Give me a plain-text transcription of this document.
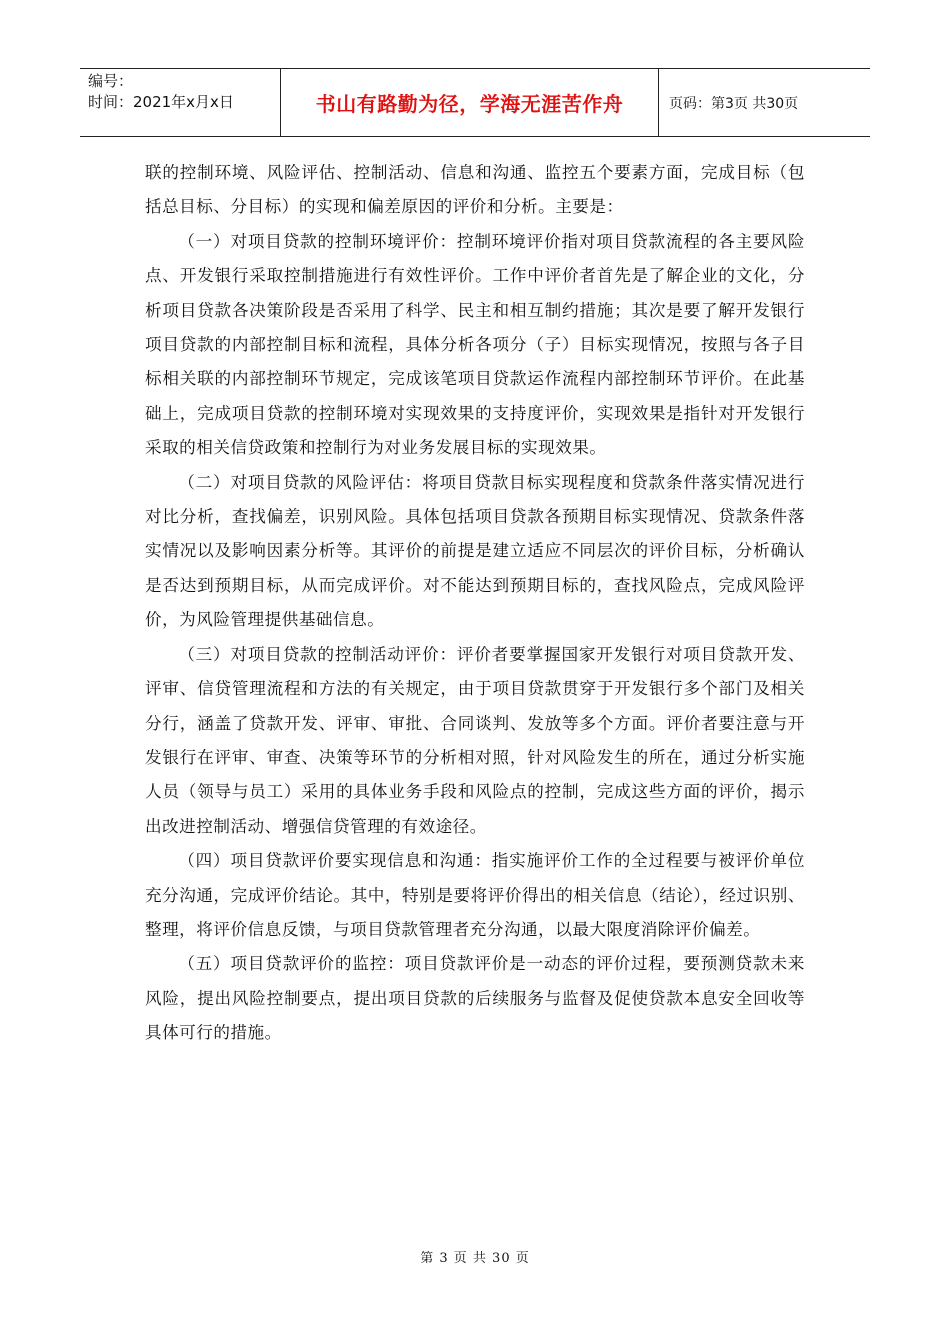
编号：
时间：2021年x月x日	书山有路勤为径，学海无涯苦作舟	页码：第3页 共30页

联的控制环境、风险评估、控制活动、信息和沟通、监控五个要素方面，完成目标（包括总目标、分目标）的实现和偏差原因的评价和分析。主要是：

（一）对项目贷款的控制环境评价：控制环境评价指对项目贷款流程的各主要风险点、开发银行采取控制措施进行有效性评价。工作中评价者首先是了解企业的文化，分析项目贷款各决策阶段是否采用了科学、民主和相互制约措施；其次是要了解开发银行项目贷款的内部控制目标和流程，具体分析各项分（子）目标实现情况，按照与各子目标相关联的内部控制环节规定，完成该笔项目贷款运作流程内部控制环节评价。在此基础上，完成项目贷款的控制环境对实现效果的支持度评价，实现效果是指针对开发银行采取的相关信贷政策和控制行为对业务发展目标的实现效果。

（二）对项目贷款的风险评估：将项目贷款目标实现程度和贷款条件落实情况进行对比分析，查找偏差，识别风险。具体包括项目贷款各预期目标实现情况、贷款条件落实情况以及影响因素分析等。其评价的前提是建立适应不同层次的评价目标，分析确认是否达到预期目标，从而完成评价。对不能达到预期目标的，查找风险点，完成风险评价，为风险管理提供基础信息。

（三）对项目贷款的控制活动评价：评价者要掌握国家开发银行对项目贷款开发、评审、信贷管理流程和方法的有关规定，由于项目贷款贯穿于开发银行多个部门及相关分行，涵盖了贷款开发、评审、审批、合同谈判、发放等多个方面。评价者要注意与开发银行在评审、审查、决策等环节的分析相对照，针对风险发生的所在，通过分析实施人员（领导与员工）采用的具体业务手段和风险点的控制，完成这些方面的评价，揭示出改进控制活动、增强信贷管理的有效途径。

（四）项目贷款评价要实现信息和沟通：指实施评价工作的全过程要与被评价单位充分沟通，完成评价结论。其中，特别是要将评价得出的相关信息（结论），经过识别、整理，将评价信息反馈，与项目贷款管理者充分沟通，以最大限度消除评价偏差。

（五）项目贷款评价的监控：项目贷款评价是一动态的评价过程，要预测贷款未来风险，提出风险控制要点，提出项目贷款的后续服务与监督及促使贷款本息安全回收等具体可行的措施。

第 3 页 共 30 页
